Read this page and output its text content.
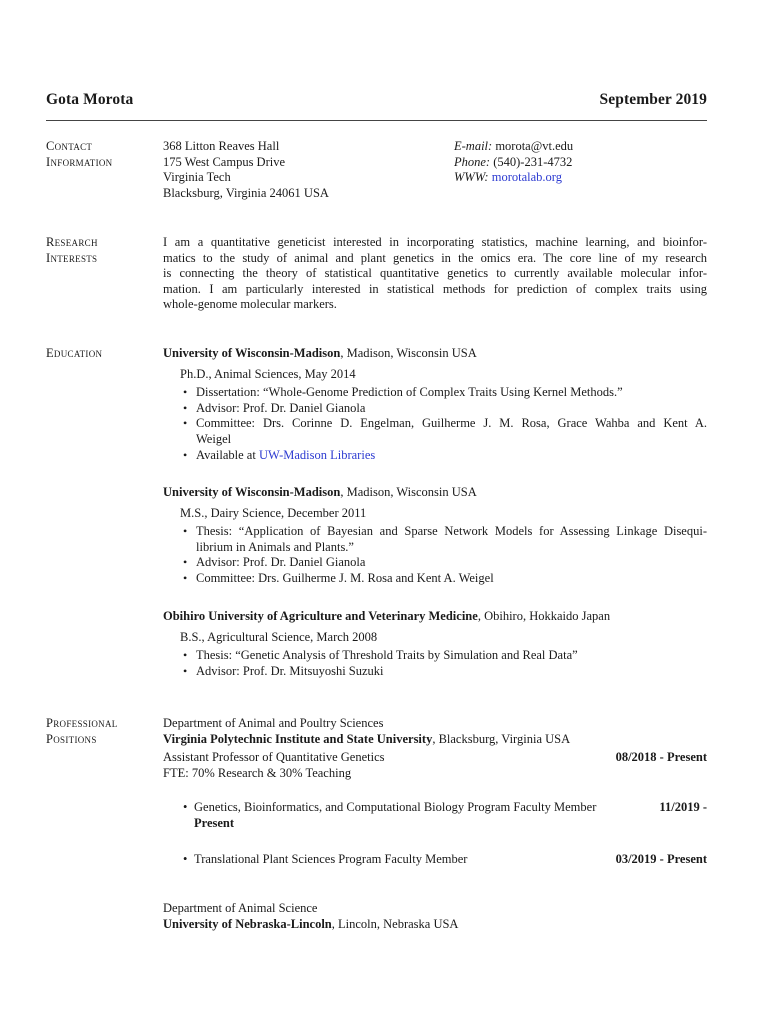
Gota Morota	September 2019
Contact
Information
368 Litton Reaves Hall
175 West Campus Drive
Virginia Tech
Blacksburg, Virginia 24061 USA
E-mail: morota@vt.edu
Phone: (540)-231-4732
WWW: morotalab.org
Research
Interests
I am a quantitative geneticist interested in incorporating statistics, machine learning, and bioinfor-
matics to the study of animal and plant genetics in the omics era. The core line of my research
is connecting the theory of statistical quantitative genetics to currently available molecular infor-
mation. I am particularly interested in statistical methods for prediction of complex traits using
whole-genome molecular markers.
Education	University of Wisconsin-Madison, Madison, Wisconsin USA
Ph.D., Animal Sciences, May 2014
• Dissertation: “Whole-Genome Prediction of Complex Traits Using Kernel Methods.”
• Advisor: Prof. Dr. Daniel Gianola
• Committee: Drs. Corinne D. Engelman, Guilherme J. M. Rosa, Grace Wahba and Kent A.
Weigel
• Available at UW-Madison Libraries
University of Wisconsin-Madison, Madison, Wisconsin USA
M.S., Dairy Science, December 2011
• Thesis: “Application of Bayesian and Sparse Network Models for Assessing Linkage Disequi-
librium in Animals and Plants.”
• Advisor: Prof. Dr. Daniel Gianola
• Committee: Drs. Guilherme J. M. Rosa and Kent A. Weigel
Obihiro University of Agriculture and Veterinary Medicine, Obihiro, Hokkaido Japan
B.S., Agricultural Science, March 2008
• Thesis: “Genetic Analysis of Threshold Traits by Simulation and Real Data”
• Advisor: Prof. Dr. Mitsuyoshi Suzuki
Professional
Positions
Department of Animal and Poultry Sciences
Virginia Polytechnic Institute and State University, Blacksburg, Virginia USA
Assistant Professor of Quantitative Genetics	08/2018 - Present
FTE: 70% Research & 30% Teaching
• Genetics, Bioinformatics, and Computational Biology Program Faculty Member	11/2019 -
Present
• Translational Plant Sciences Program Faculty Member	03/2019 - Present
Department of Animal Science
University of Nebraska-Lincoln, Lincoln, Nebraska USA
